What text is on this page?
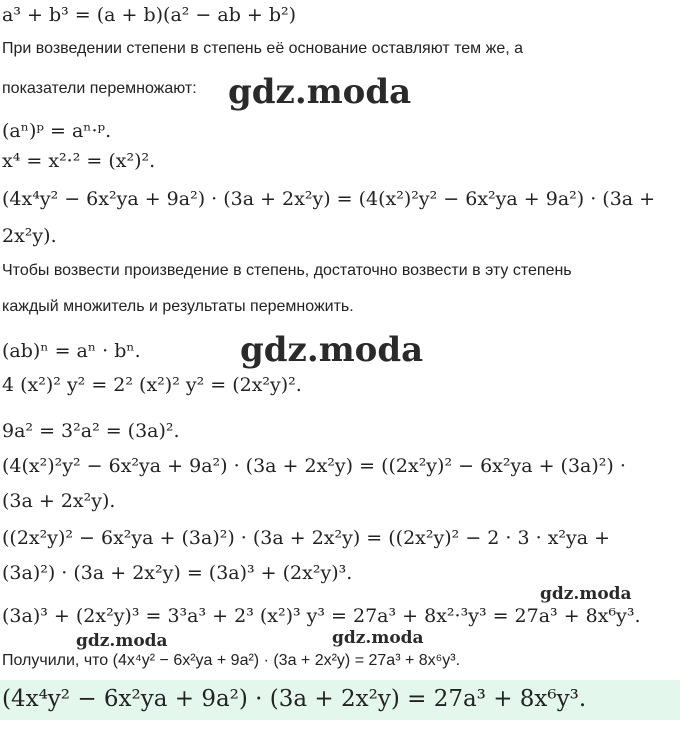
a³ + b³ = (a + b)(a² − ab + b²)
При возведении степени в степень её основание оставляют тем же, а
показатели перемножают:
(aⁿ)ᵖ = aⁿ·ᵖ.
x⁴ = x²·² = (x²)².
(4x⁴y² − 6x²ya + 9a²) · (3a + 2x²y) = (4(x²)²y² − 6x²ya + 9a²) · (3a +
2x²y).
Чтобы возвести произведение в степень, достаточно возвести в эту степень
каждый множитель и результаты перемножить.
(ab)ⁿ = aⁿ · bⁿ.
4 (x²)² y² = 2² (x²)² y² = (2x²y)².
9a² = 3²a² = (3a)².
(4(x²)²y² − 6x²ya + 9a²) · (3a + 2x²y) = ((2x²y)² − 6x²ya + (3a)²) ·
(3a + 2x²y).
((2x²y)² − 6x²ya + (3a)²) · (3a + 2x²y) = ((2x²y)² − 2 · 3 · x²ya +
(3a)²) · (3a + 2x²y) = (3a)³ + (2x²y)³.
(3a)³ + (2x²y)³ = 3³a³ + 2³ (x²)³ y³ = 27a³ + 8x²·³y³ = 27a³ + 8x⁶y³.
Получили, что (4x⁴y² − 6x²ya + 9a²) · (3a + 2x²y) = 27a³ + 8x⁶y³.
(4x⁴y² − 6x²ya + 9a²) · (3a + 2x²y) = 27a³ + 8x⁶y³.
gdz.moda
gdz.moda
gdz.moda
gdz.moda	gdz.moda
